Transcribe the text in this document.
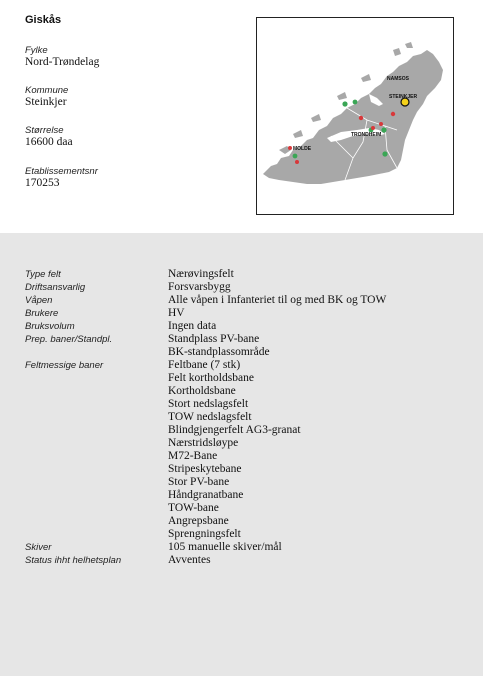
Giskås
Fylke
Nord-Trøndelag
Kommune
Steinkjer
Størrelse
16600 daa
Etablissementsnr
170253
NAMSOS
STEINKJER
TRONDHEIM
MOLDE
Type felt	Nærøvingsfelt
Driftsansvarlig	Forsvarsbygg
Våpen	Alle våpen i Infanteriet til og med BK og TOW
Brukere	HV
Bruksvolum	Ingen data
Prep. baner/Standpl.	Standplass PV-bane
BK-standplassområde
Feltmessige baner	Feltbane (7 stk)
Felt kortholdsbane
Kortholdsbane
Stort nedslagsfelt
TOW nedslagsfelt
Blindgjengerfelt AG3-granat
Nærstridsløype
M72-Bane
Stripeskytebane
Stor PV-bane
Håndgranatbane
TOW-bane
Angrepsbane
Sprengningsfelt
Skiver	105 manuelle skiver/mål
Status ihht helhetsplan	Avventes
